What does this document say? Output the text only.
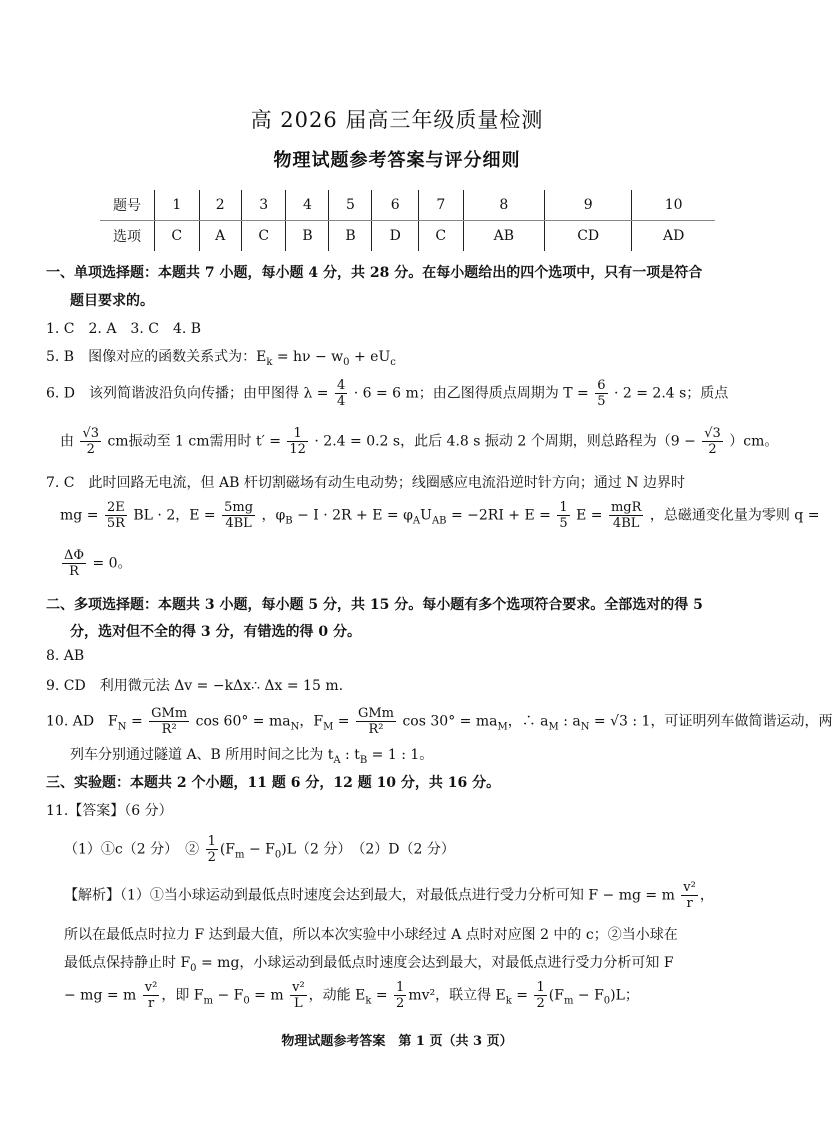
高 2026 届高三年级质量检测
物理试题参考答案与评分细则
题号	1	2	3	4	5	6	7	8	9	10
选项	C	A	C	B	B	D	C	AB	CD	AD
一、单项选择题：本题共 7 小题，每小题 4 分，共 28 分。在每小题给出的四个选项中，只有一项是符合
题目要求的。
1. C　2. A　3. C　4. B
5. B　图像对应的函数关系式为：$E_k = h\nu - w_0 + eU_c$
6. D　该列简谐波沿负向传播；由甲图得 $\lambda = \frac{4}{4} \cdot 6 = 6$ m；由乙图得质点周期为 $T = \frac{6}{5} \cdot 2 = 2.4$ s；质点
由 $\frac{√3}{2}$ cm振动至 1 cm需用时 $t' = \frac{1}{12} \cdot 2.4 = 0.2$ s，此后 4.8 s 振动 2 个周期，则总路程为$(9 - \frac{√3}{2} )cm$。
7. C　此时回路无电流，但 AB 杆切割磁场有动生电动势；线圈感应电流沿逆时针方向；通过 N 边界时
mg = $\frac{2E}{5R}$ BL · 2，$E = \frac{5mg}{4BL}$ ，$\varphi_B - I \cdot 2R + E = \varphi_AU_{AB} = -2RI + E = \frac{1}{5}$ $E = \frac{\text{mgR}}{4BL}$ ，总磁通变化量为零则 q =
$\frac{\Delta\Phi}{R} = 0$。
二、多项选择题：本题共 3 小题，每小题 5 分，共 15 分。每小题有多个选项符合要求。全部选对的得 5
分，选对但不全的得 3 分，有错选的得 0 分。
8. AB
9. CD　利用微元法 Δv = −kΔx∴ Δx = 15 m.
10. AD　$F_N = \frac{\text{GMm}}{\text{R²}}$ $\cos 60^\circ = ma_N$，$F_M = \frac{\text{GMm}}{\text{R²}}$ $\cos 30^\circ = ma_M$，∴ $a_M$ : $a_N = √3$ : 1，可证明列车做简谐运动，两
列车分别通过隧道 A、B 所用时间之比为 $t_A$ : $t_B = 1$ : 1。
三、实验题：本题共 2 个小题，11 题 6 分，12 题 10 分，共 16 分。
11.【答案】（6 分）
（1）①c（2 分）　② $\frac{1}{2} (F_m - F_0)L(2$ 分）　（2）D（2 分）
【解析】（1）①当小球运动到最低点时速度会达到最大，对最低点进行受力分析可知 F − mg = m $\frac{\text{v²}}{r}$ ，
所以在最低点时拉力 F 达到最大值，所以本次实验中小球经过 A 点时对应图 2 中的 c；②当小球在
最低点保持静止时 $F_0$ = mg，小球运动到最低点时速度会达到最大，对最低点进行受力分析可知 F
− mg = m $\frac{\text{v²}}{r}$ ，即 $F_m - F_0 = m \frac{\text{v²}}{L}$ ，动能 $E_k = \frac{1}{2} mv^2$，联立得 $E_k = \frac{1}{2} (F_m - F_0)L$；
物理试题参考答案　第 1 页（共 3 页）
